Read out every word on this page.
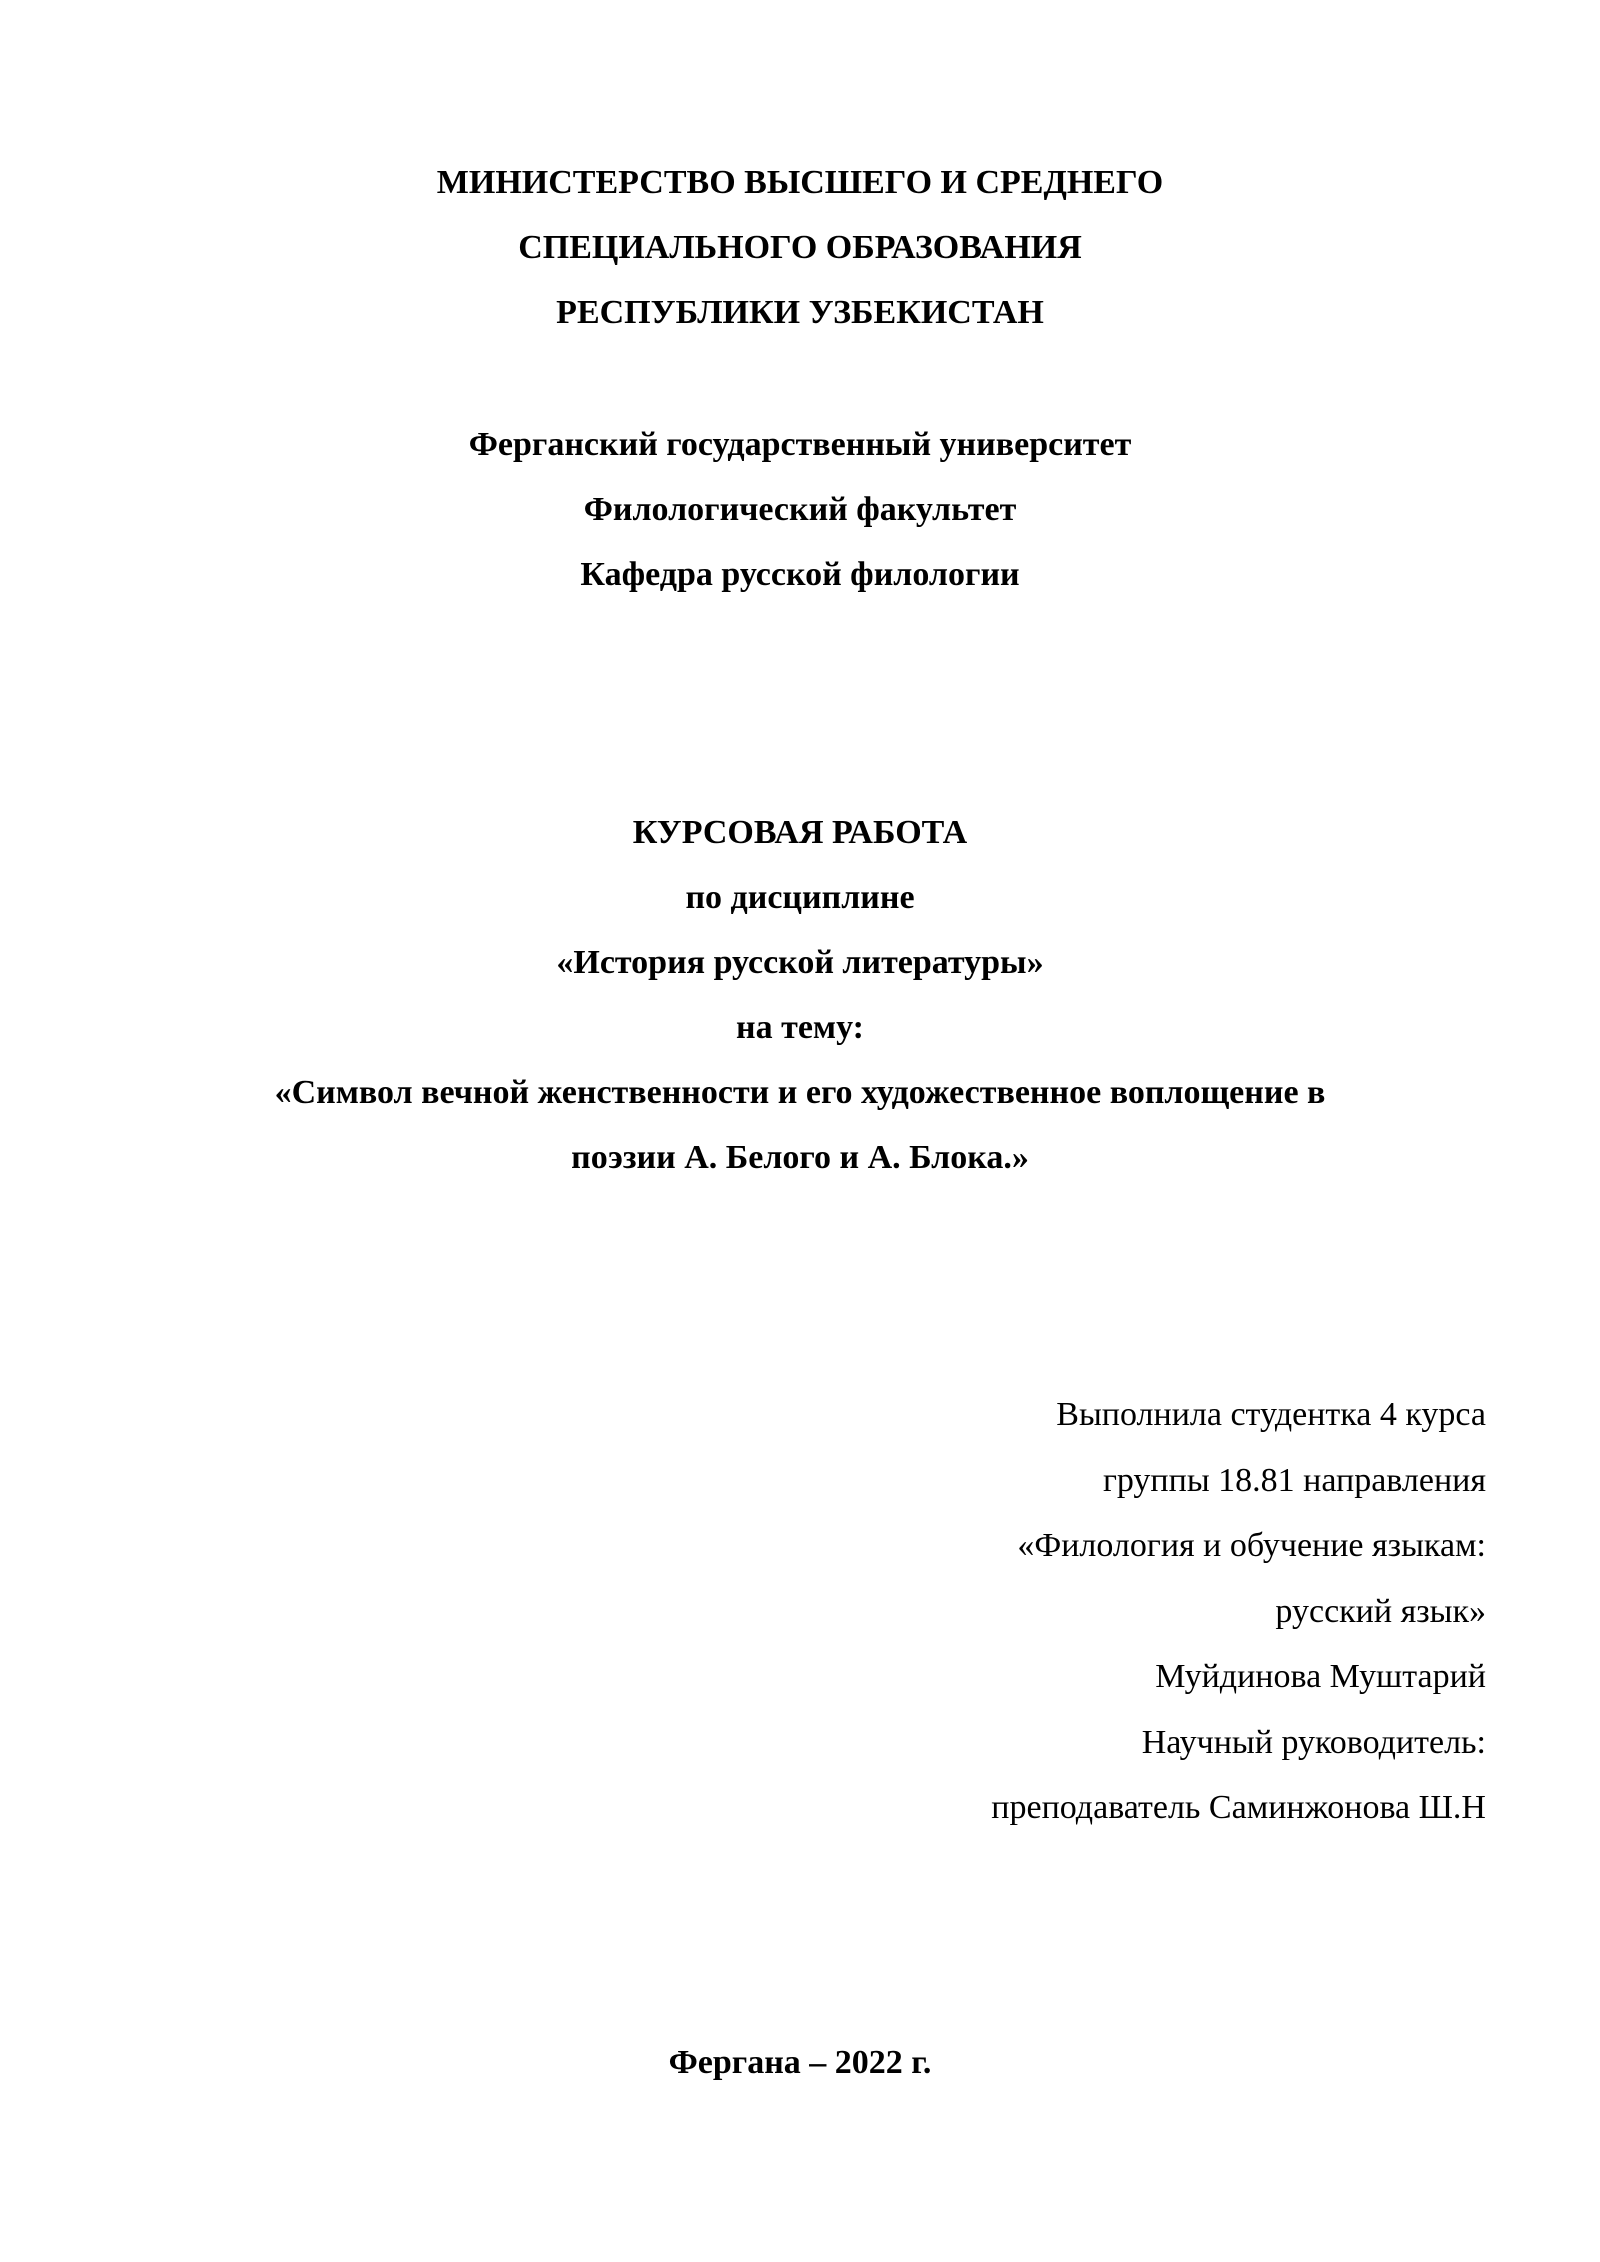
МИНИСТЕРСТВО ВЫСШЕГО И СРЕДНЕГО
СПЕЦИАЛЬНОГО ОБРАЗОВАНИЯ
РЕСПУБЛИКИ УЗБЕКИСТАН
Ферганский государственный университет
Филологический факультет
Кафедра русской филологии
КУРСОВАЯ РАБОТА
по дисциплине
«История русской литературы»
на тему:
«Символ вечной женственности и его художественное воплощение в
поэзии А. Белого и А. Блока.»
Выполнила студентка 4 курса
группы 18.81 направления
«Филология и обучение языкам:
русский язык»
Муйдинова Муштарий
Научный руководитель:
преподаватель Саминжонова Ш.Н
Фергана – 2022 г.
